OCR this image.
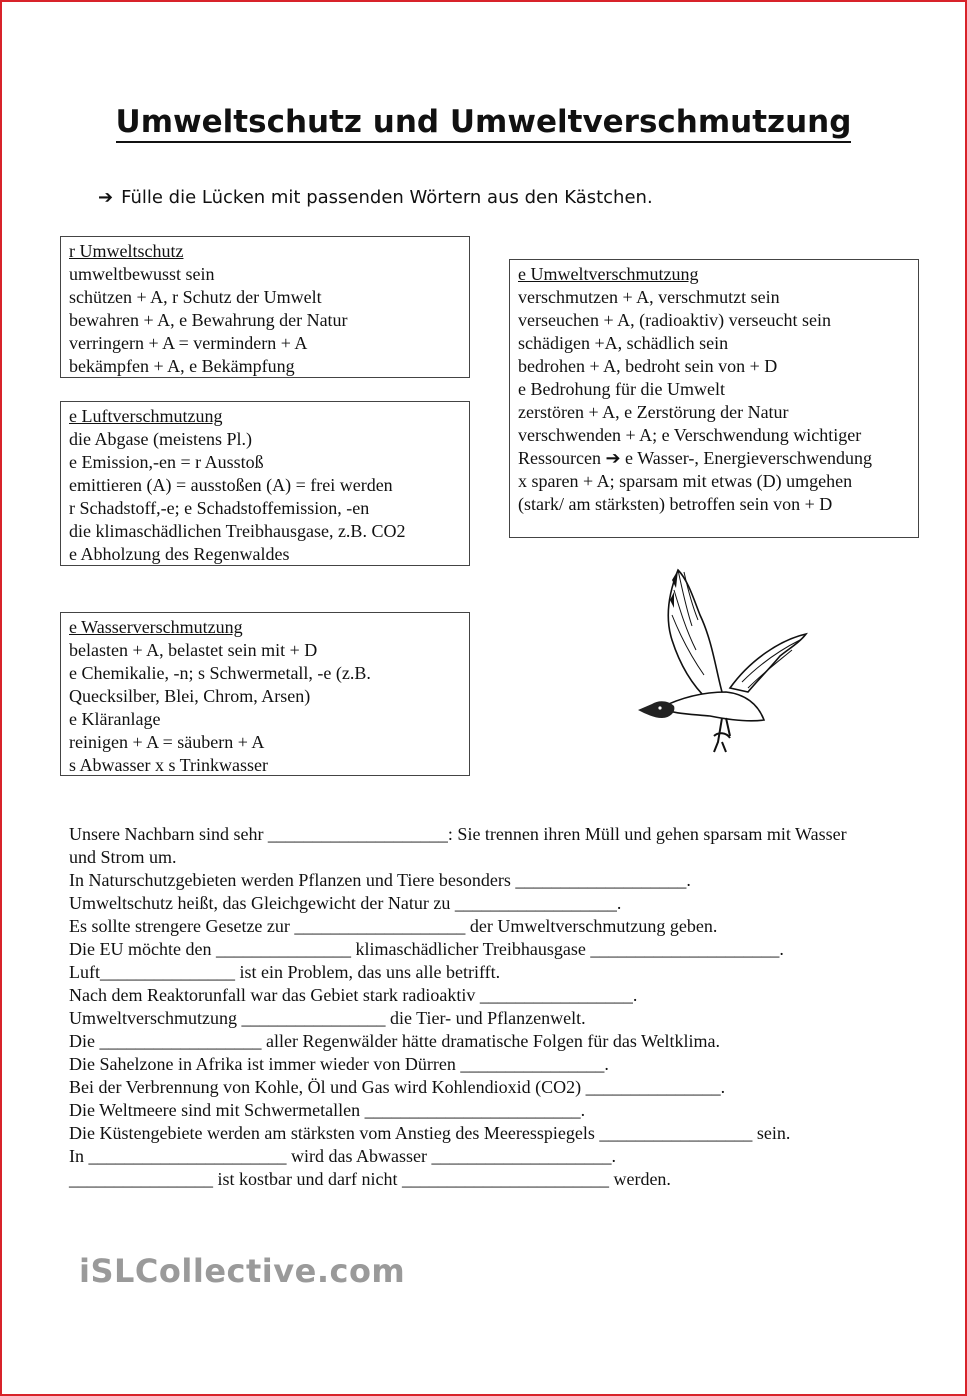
Umweltschutz und Umweltverschmutzung
➔ Fülle die Lücken mit passenden Wörtern aus den Kästchen.
r Umweltschutz
umweltbewusst sein
schützen + A, r Schutz der Umwelt
bewahren + A, e Bewahrung der Natur
verringern + A = vermindern + A
bekämpfen + A, e Bekämpfung
e Luftverschmutzung
die Abgase (meistens Pl.)
e Emission,-en = r Ausstoß
emittieren (A) = ausstoßen (A) = frei werden
r Schadstoff,-e; e Schadstoffemission, -en
die klimaschädlichen Treibhausgase, z.B. CO2
e Abholzung des Regenwaldes
e Wasserverschmutzung
belasten + A, belastet sein mit + D
e Chemikalie, -n; s Schwermetall, -e (z.B.
Quecksilber, Blei, Chrom, Arsen)
e Kläranlage
reinigen + A = säubern + A
s Abwasser x s Trinkwasser
e Umweltverschmutzung
verschmutzen + A, verschmutzt sein
verseuchen + A, (radioaktiv) verseucht sein
schädigen +A, schädlich sein
bedrohen + A, bedroht sein von + D
e Bedrohung für die Umwelt
zerstören + A, e Zerstörung der Natur
verschwenden + A; e Verschwendung wichtiger
Ressourcen ➔ e Wasser-, Energieverschwendung
x sparen + A; sparsam mit etwas (D) umgehen
(stark/ am stärksten) betroffen sein von + D
Unsere Nachbarn sind sehr ____________________: Sie trennen ihren Müll und gehen sparsam mit Wasser
und Strom um.
In Naturschutzgebieten werden Pflanzen und Tiere besonders ___________________.
Umweltschutz heißt, das Gleichgewicht der Natur zu __________________.
Es sollte strengere Gesetze zur ___________________ der Umweltverschmutzung geben.
Die EU möchte den _______________ klimaschädlicher Treibhausgase _____________________.
Luft_______________ ist ein Problem, das uns alle betrifft.
Nach dem Reaktorunfall war das Gebiet stark radioaktiv _________________.
Umweltverschmutzung ________________ die Tier- und Pflanzenwelt.
Die __________________ aller Regenwälder hätte dramatische Folgen für das Weltklima.
Die Sahelzone in Afrika ist immer wieder von Dürren ________________.
Bei der Verbrennung von Kohle, Öl und Gas wird Kohlendioxid (CO2) _______________.
Die Weltmeere sind mit Schwermetallen ________________________.
Die Küstengebiete werden am stärksten vom Anstieg des Meeresspiegels _________________ sein.
In ______________________ wird das Abwasser ____________________.
________________ ist kostbar und darf nicht _______________________ werden.
iSLCollective.com
